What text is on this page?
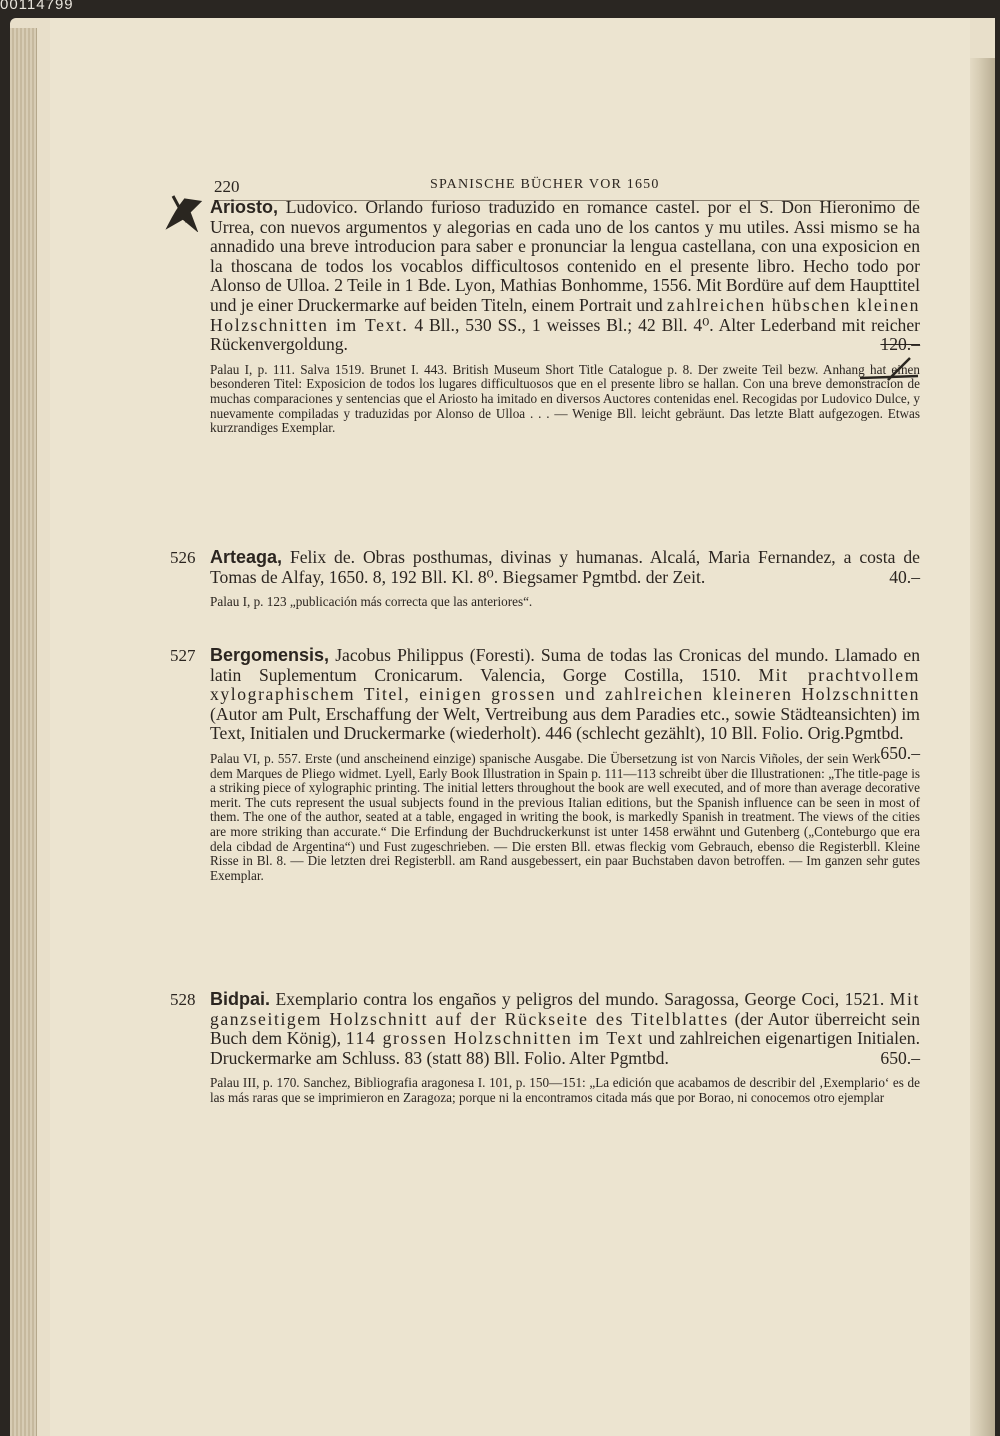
00114799
220	SPANISCHE BÜCHER VOR 1650

Ariosto, Ludovico. Orlando furioso traduzido en romance castel. por el S. Don Hieronimo de Urrea, con nuevos argumentos y alegorias en cada uno de los cantos y mu utiles. Assi mismo se ha annadido una breve introducion para saber e pronunciar la lengua castellana, con una exposicion en la thoscana de todos los vocablos difficultosos contenido en el presente libro. Hecho todo por Alonso de Ulloa. 2 Teile in 1 Bde. Lyon, Mathias Bonhomme, 1556. Mit Bordüre auf dem Haupttitel und je einer Druckermarke auf beiden Titeln, einem Portrait und zahlreichen hübschen kleinen Holzschnitten im Text. 4 Bll., 530 SS., 1 weisses Bl.; 42 Bll. 4⁰. Alter Lederband mit reicher Rückenvergoldung.	120.–

Palau I, p. 111. Salva 1519. Brunet I. 443. British Museum Short Title Catalogue p. 8. Der zweite Teil bezw. Anhang hat einen besonderen Titel: Exposicion de todos los lugares difficultuosos que en el presente libro se hallan. Con una breve demonstracion de muchas comparaciones y sentencias que el Ariosto ha imitado en diversos Auctores contenidas enel. Recogidas por Ludovico Dulce, y nuevamente compiladas y traduzidas por Alonso de Ulloa . . . — Wenige Bll. leicht gebräunt. Das letzte Blatt aufgezogen. Etwas kurzrandiges Exemplar.

526 Arteaga, Felix de. Obras posthumas, divinas y humanas. Alcalá, Maria Fernandez, a costa de Tomas de Alfay, 1650. 8, 192 Bll. Kl. 8⁰. Biegsamer Pgmtbd. der Zeit.	40.–

Palau I, p. 123 „publicación más correcta que las anteriores“.

527 Bergomensis, Jacobus Philippus (Foresti). Suma de todas las Cronicas del mundo. Llamado en latin Suplementum Cronicarum. Valencia, Gorge Costilla, 1510. Mit prachtvollem xylographischem Titel, einigen grossen und zahlreichen kleineren Holzschnitten (Autor am Pult, Erschaffung der Welt, Vertreibung aus dem Paradies etc., sowie Städteansichten) im Text, Initialen und Druckermarke (wiederholt). 446 (schlecht gezählt), 10 Bll. Folio. Orig.Pgmtbd.
650.–

Palau VI, p. 557. Erste (und anscheinend einzige) spanische Ausgabe. Die Übersetzung ist von Narcis Viñoles, der sein Werk dem Marques de Pliego widmet. Lyell, Early Book Illustration in Spain p. 111—113 schreibt über die Illustrationen: „The title-page is a striking piece of xylographic printing. The initial letters throughout the book are well executed, and of more than average decorative merit. The cuts represent the usual subjects found in the previous Italian editions, but the Spanish influence can be seen in most of them. The one of the author, seated at a table, engaged in writing the book, is markedly Spanish in treatment. The views of the cities are more striking than accurate.“ Die Erfindung der Buchdruckerkunst ist unter 1458 erwähnt und Gutenberg („Conteburgo que era dela cibdad de Argentina“) und Fust zugeschrieben. — Die ersten Bll. etwas fleckig vom Gebrauch, ebenso die Registerbll. Kleine Risse in Bl. 8. — Die letzten drei Registerbll. am Rand ausgebessert, ein paar Buchstaben davon betroffen. — Im ganzen sehr gutes Exemplar.

528 Bidpai. Exemplario contra los engaños y peligros del mundo. Saragossa, George Coci, 1521. Mit ganzseitigem Holzschnitt auf der Rückseite des Titelblattes (der Autor überreicht sein Buch dem König), 114 grossen Holzschnitten im Text und zahlreichen eigenartigen Initialen. Druckermarke am Schluss. 83 (statt 88) Bll. Folio. Alter Pgmtbd.	650.–

Palau III, p. 170. Sanchez, Bibliografia aragonesa I. 101, p. 150—151: „La edición que acabamos de describir del ‚Exemplario‘ es de las más raras que se imprimieron en Zaragoza; porque ni la encontramos citada más que por Borao, ni conocemos otro ejemplar
